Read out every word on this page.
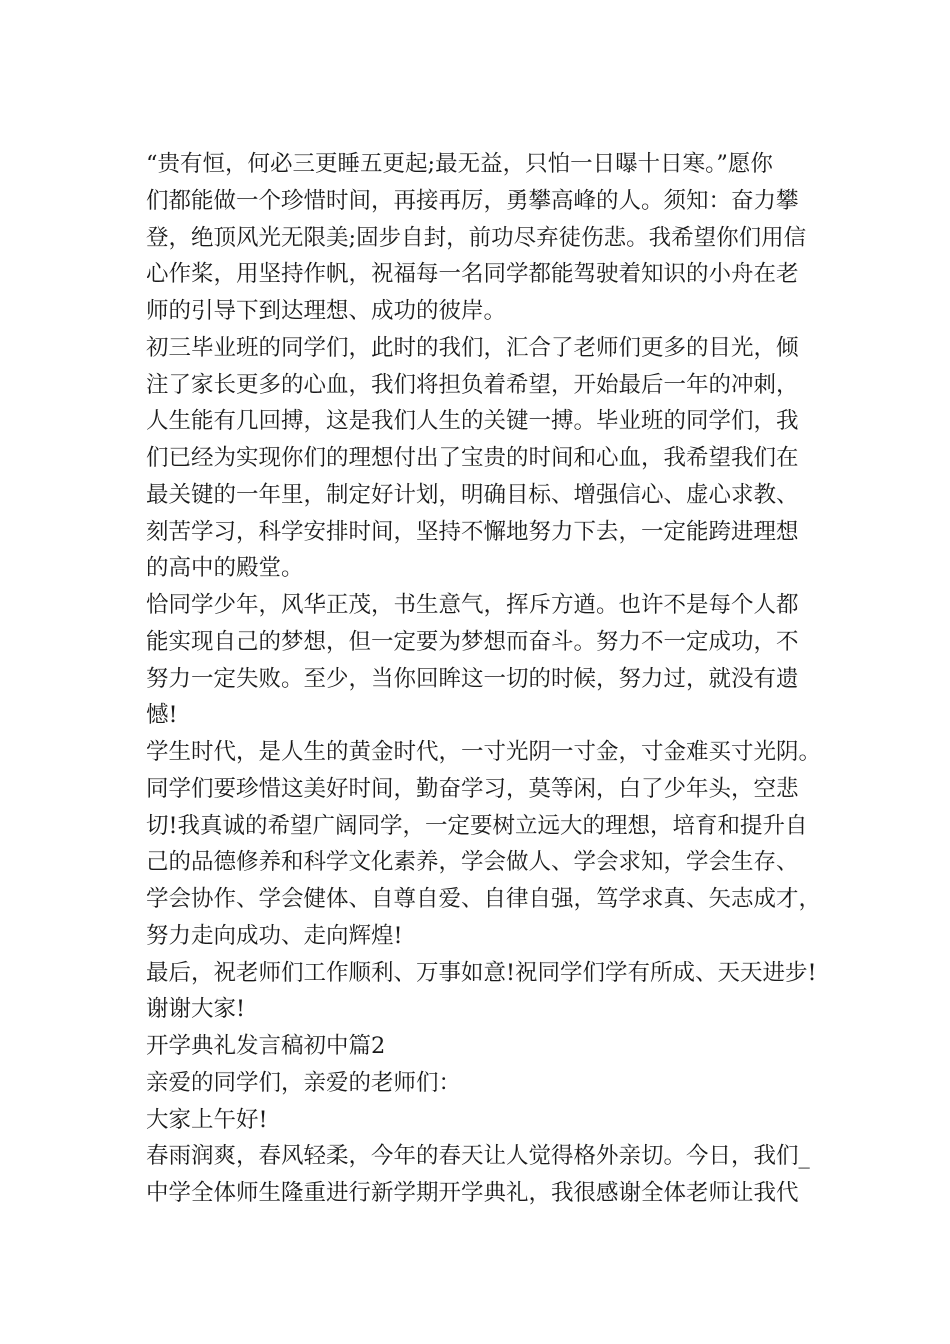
“贵有恒，何必三更睡五更起;最无益，只怕一日曝十日寒。”愿你
们都能做一个珍惜时间，再接再厉，勇攀高峰的人。须知：奋力攀
登，绝顶风光无限美;固步自封，前功尽弃徒伤悲。我希望你们用信
心作桨，用坚持作帆，祝福每一名同学都能驾驶着知识的小舟在老
师的引导下到达理想、成功的彼岸。
初三毕业班的同学们，此时的我们，汇合了老师们更多的目光，倾
注了家长更多的心血，我们将担负着希望，开始最后一年的冲刺，
人生能有几回搏，这是我们人生的关键一搏。毕业班的同学们，我
们已经为实现你们的理想付出了宝贵的时间和心血，我希望我们在
最关键的一年里，制定好计划，明确目标、增强信心、虚心求教、
刻苦学习，科学安排时间，坚持不懈地努力下去，一定能跨进理想
的高中的殿堂。
恰同学少年，风华正茂，书生意气，挥斥方遒。也许不是每个人都
能实现自己的梦想，但一定要为梦想而奋斗。努力不一定成功，不
努力一定失败。至少，当你回眸这一切的时候，努力过，就没有遗
憾!
学生时代，是人生的黄金时代，一寸光阴一寸金，寸金难买寸光阴。
同学们要珍惜这美好时间，勤奋学习，莫等闲，白了少年头，空悲
切!我真诚的希望广阔同学，一定要树立远大的理想，培育和提升自
己的品德修养和科学文化素养，学会做人、学会求知，学会生存、
学会协作、学会健体、自尊自爱、自律自强，笃学求真、矢志成才，
努力走向成功、走向辉煌!
最后，祝老师们工作顺利、万事如意!祝同学们学有所成、天天进步!
谢谢大家!
开学典礼发言稿初中篇2
亲爱的同学们，亲爱的老师们：
大家上午好!
春雨润爽，春风轻柔，今年的春天让人觉得格外亲切。今日，我们_
中学全体师生隆重进行新学期开学典礼，我很感谢全体老师让我代
